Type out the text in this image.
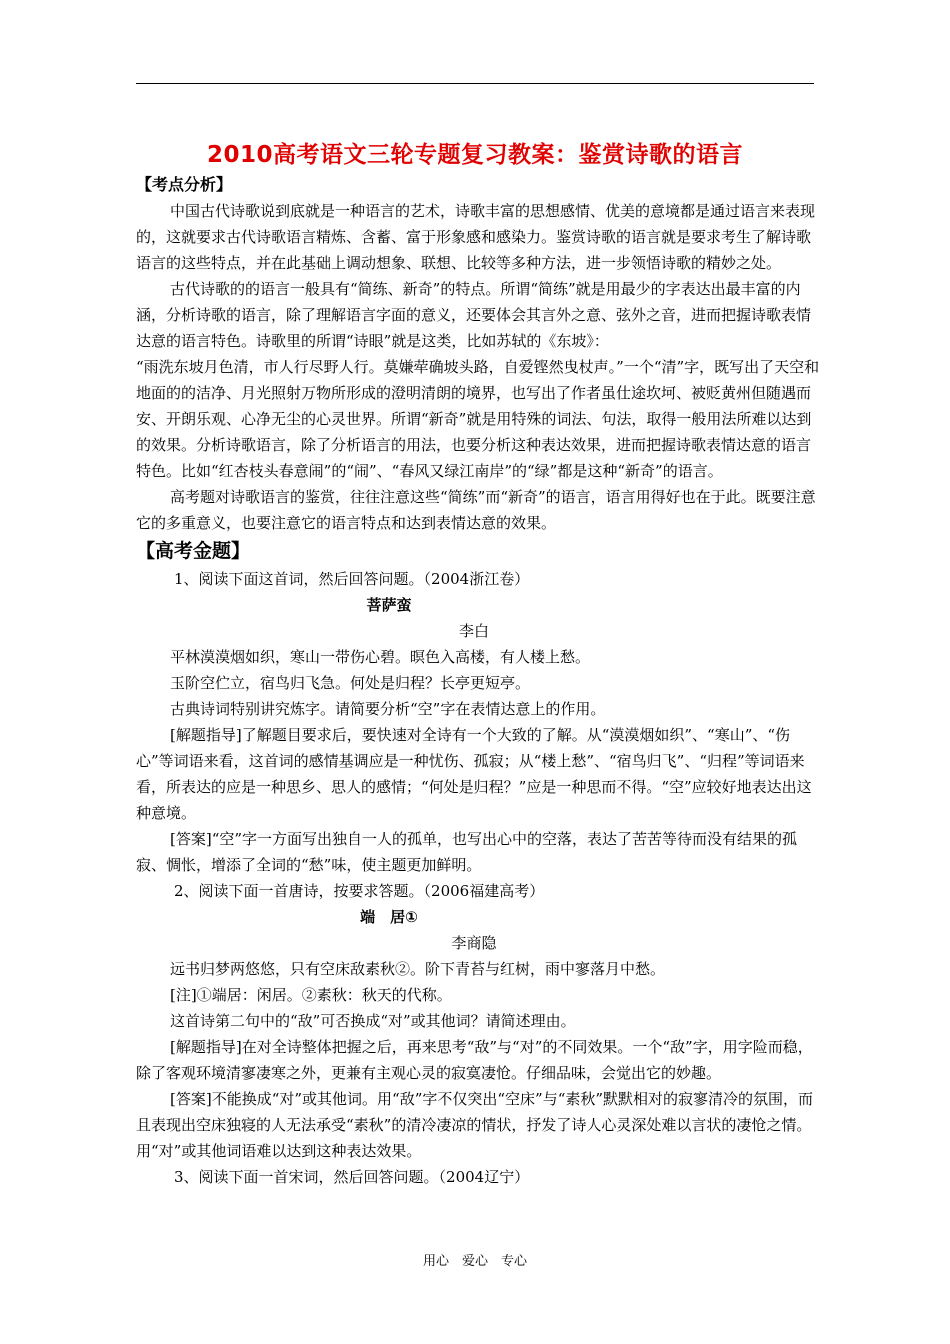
2010高考语文三轮专题复习教案：鉴赏诗歌的语言
【考点分析】

中国古代诗歌说到底就是一种语言的艺术，诗歌丰富的思想感情、优美的意境都是通过语言来表现的，这就要求古代诗歌语言精炼、含蓄、富于形象感和感染力。鉴赏诗歌的语言就是要求考生了解诗歌语言的这些特点，并在此基础上调动想象、联想、比较等多种方法，进一步领悟诗歌的精妙之处。

古代诗歌的的语言一般具有“简练、新奇”的特点。所谓“简练”就是用最少的字表达出最丰富的内涵，分析诗歌的语言，除了理解语言字面的意义，还要体会其言外之意、弦外之音，进而把握诗歌表情达意的语言特色。诗歌里的所谓“诗眼”就是这类，比如苏轼的《东坡》：

“雨洗东坡月色清，市人行尽野人行。莫嫌荦确坡头路，自爱铿然曳杖声。”一个“清”字，既写出了天空和地面的的洁净、月光照射万物所形成的澄明清朗的境界，也写出了作者虽仕途坎坷、被贬黄州但随遇而安、开朗乐观、心净无尘的心灵世界。所谓“新奇”就是用特殊的词法、句法，取得一般用法所难以达到的效果。分析诗歌语言，除了分析语言的用法，也要分析这种表达效果，进而把握诗歌表情达意的语言特色。比如“红杏枝头春意闹”的“闹”、“春风又绿江南岸”的“绿”都是这种“新奇”的语言。

高考题对诗歌语言的鉴赏，往往注意这些“简练”而“新奇”的语言，语言用得好也在于此。既要注意它的多重意义，也要注意它的语言特点和达到表情达意的效果。

【高考金题】

1、阅读下面这首词，然后回答问题。（2004浙江卷）

菩萨蛮
李白

平林漠漠烟如织，寒山一带伤心碧。暝色入高楼，有人楼上愁。

玉阶空伫立，宿鸟归飞急。何处是归程？长亭更短亭。

古典诗词特别讲究炼字。请简要分析“空”字在表情达意上的作用。

[解题指导]了解题目要求后，要快速对全诗有一个大致的了解。从“漠漠烟如织”、“寒山”、“伤心”等词语来看，这首词的感情基调应是一种忧伤、孤寂；从“楼上愁”、“宿鸟归飞”、“归程”等词语来看，所表达的应是一种思乡、思人的感情；“何处是归程？”应是一种思而不得。“空”应较好地表达出这种意境。

[答案]“空”字一方面写出独自一人的孤单，也写出心中的空落，表达了苦苦等待而没有结果的孤寂、惆怅，增添了全词的“愁”味，使主题更加鲜明。

2、阅读下面一首唐诗，按要求答题。（2006福建高考）

端　居①
李商隐

远书归梦两悠悠，只有空床敌素秋②。阶下青苔与红树，雨中寥落月中愁。

[注]①端居：闲居。②素秋：秋天的代称。

这首诗第二句中的“敌”可否换成“对”或其他词？请简述理由。

[解题指导]在对全诗整体把握之后，再来思考“敌”与“对”的不同效果。一个“敌”字，用字险而稳，除了客观环境清寥凄寒之外，更兼有主观心灵的寂寞凄怆。仔细品味，会觉出它的妙趣。

[答案]不能换成“对”或其他词。用“敌”字不仅突出“空床”与“素秋”默默相对的寂寥清冷的氛围，而且表现出空床独寝的人无法承受“素秋”的清冷凄凉的情状，抒发了诗人心灵深处难以言状的凄怆之情。用“对”或其他词语难以达到这种表达效果。

3、阅读下面一首宋词，然后回答问题。（2004辽宁）

用心　爱心　专心
